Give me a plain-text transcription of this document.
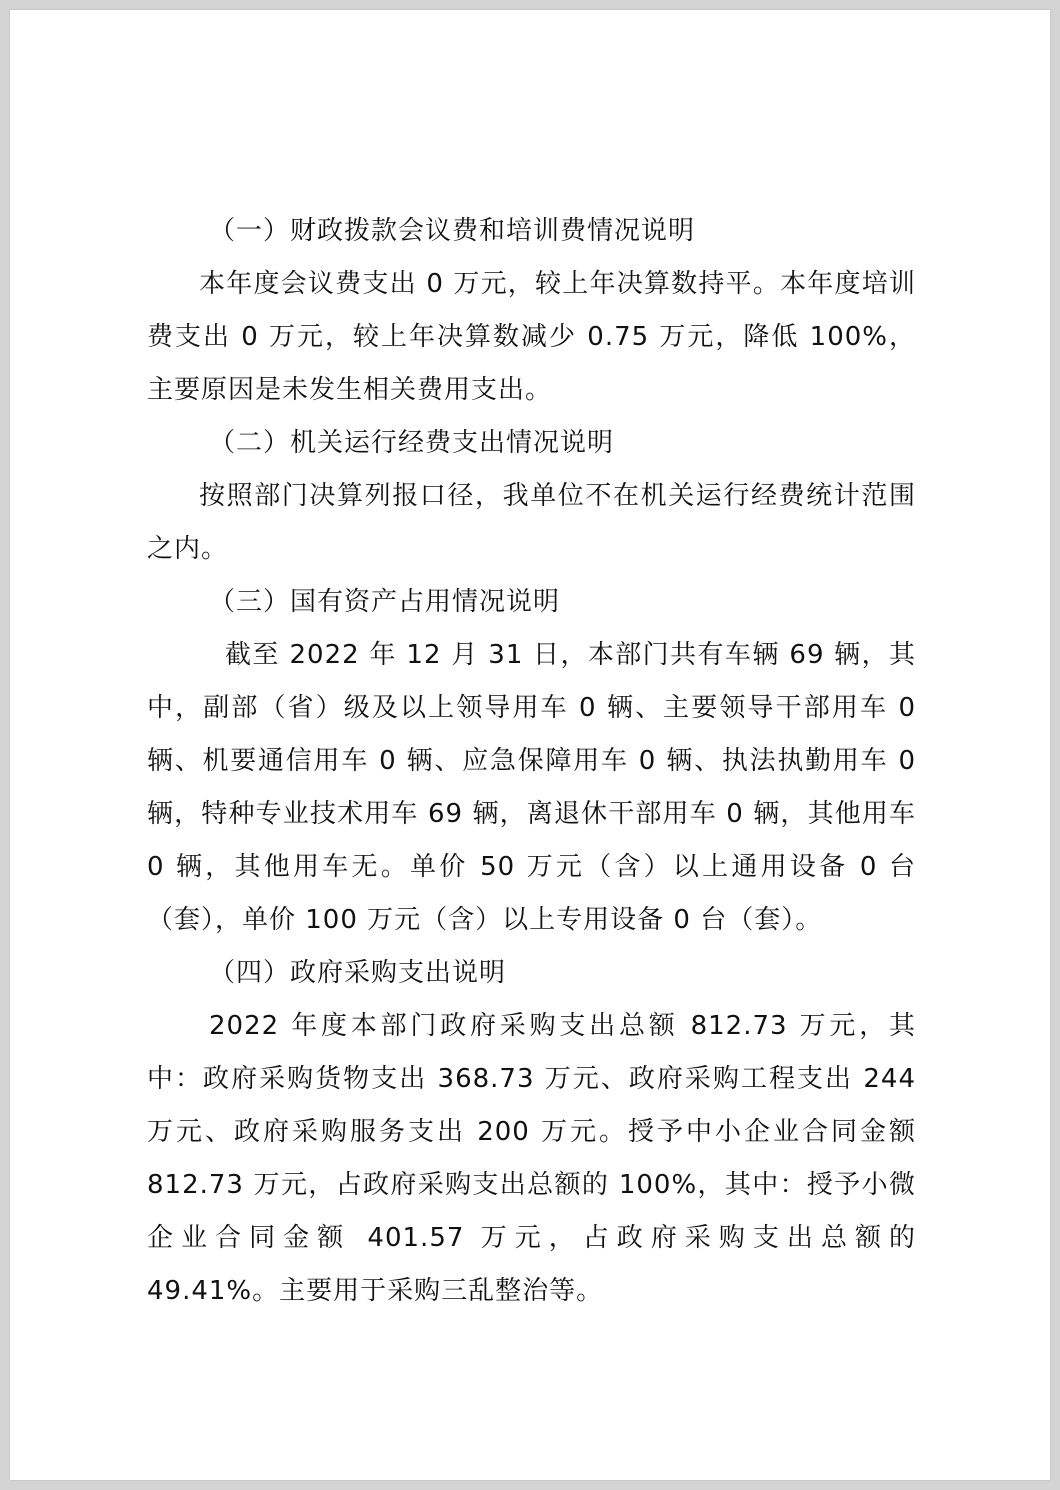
（一）财政拨款会议费和培训费情况说明

本年度会议费支出 0 万元，较上年决算数持平。本年度培训费支出 0 万元，较上年决算数减少 0.75 万元，降低 100%，主要原因是未发生相关费用支出。

（二）机关运行经费支出情况说明

按照部门决算列报口径，我单位不在机关运行经费统计范围之内。

（三）国有资产占用情况说明

截至 2022 年 12 月 31 日，本部门共有车辆 69 辆，其中，副部（省）级及以上领导用车 0 辆、主要领导干部用车 0 辆、机要通信用车 0 辆、应急保障用车 0 辆、执法执勤用车 0 辆，特种专业技术用车 69 辆，离退休干部用车 0 辆，其他用车 0 辆，其他用车无。单价 50 万元（含）以上通用设备 0 台（套），单价 100 万元（含）以上专用设备 0 台（套）。

（四）政府采购支出说明

2022 年度本部门政府采购支出总额 812.73 万元，其中：政府采购货物支出 368.73 万元、政府采购工程支出 244 万元、政府采购服务支出 200 万元。授予中小企业合同金额 812.73 万元，占政府采购支出总额的 100%，其中：授予小微企业合同金额 401.57 万元，占政府采购支出总额的 49.41%。主要用于采购三乱整治等。
